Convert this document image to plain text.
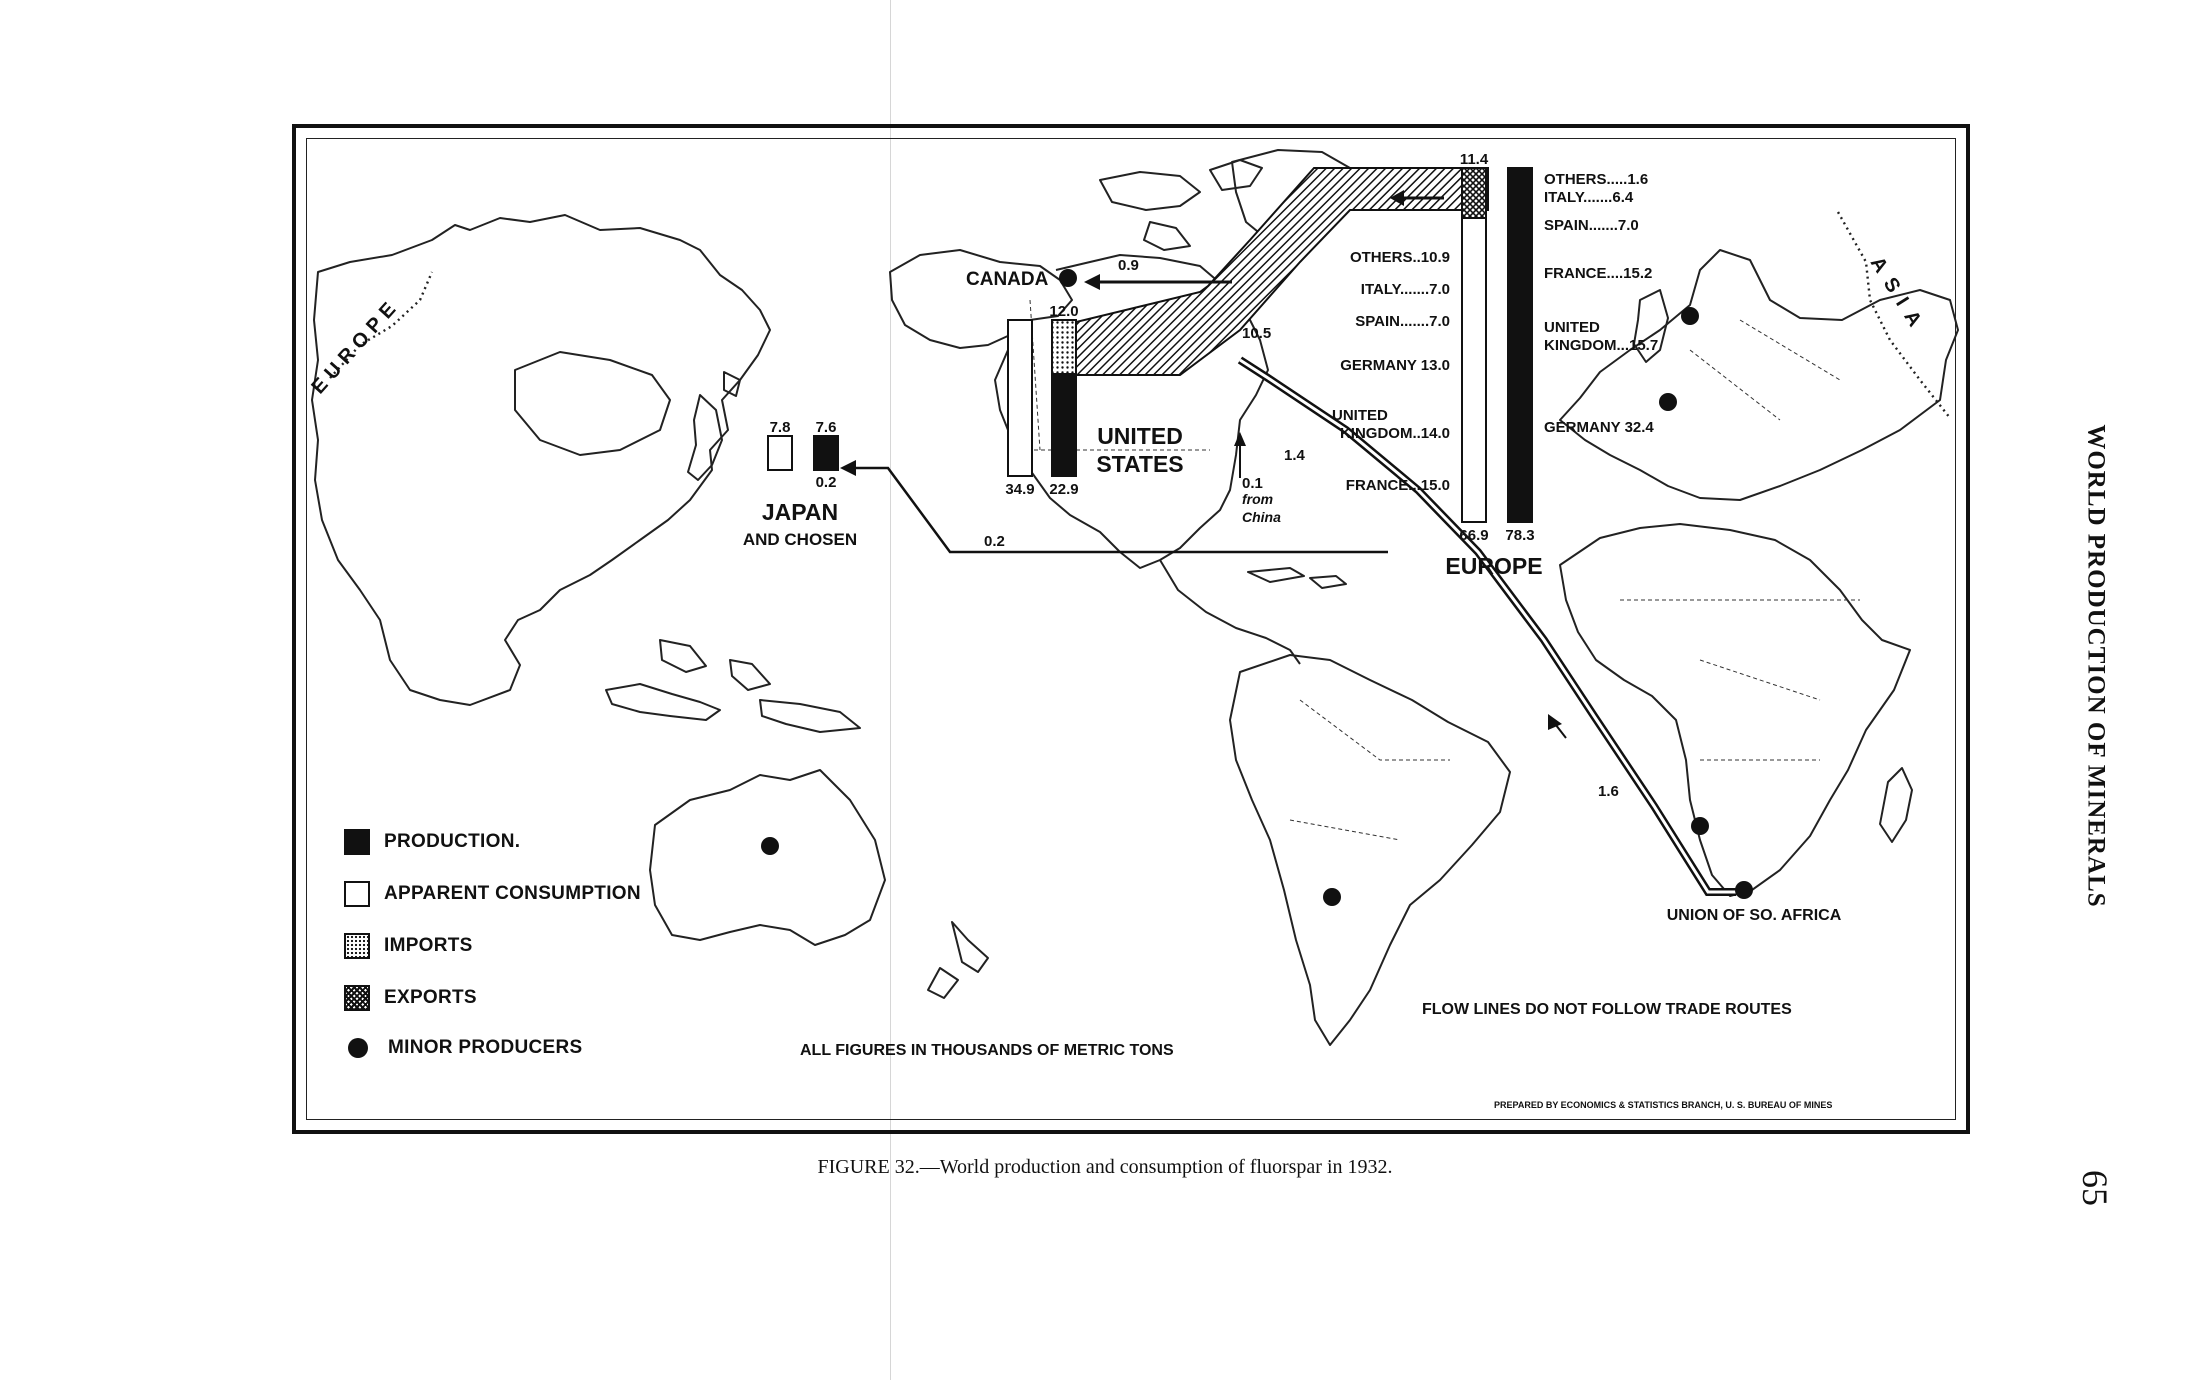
EUROPE	ASIA
CANADA
UNITED
STATES
JAPAN
AND CHOSEN
EUROPE
UNION OF SO. AFRICA
from
China
34.9 22.9
12.0
7.8 7.6
0.2
11.4
66.9 78.3
OTHERS..10.9
ITALY.......7.0
SPAIN.......7.0
GERMANY 13.0
UNITED
KINGDOM..14.0
FRANCE...15.0
OTHERS.....1.6
ITALY.......6.4
SPAIN.......7.0
FRANCE....15.2
UNITED
KINGDOM...15.7
GERMANY 32.4
10.5
0.9
0.2
1.4
1.6
0.1
PRODUCTION.
APPARENT CONSUMPTION
IMPORTS
EXPORTS
MINOR PRODUCERS	ALL FIGURES IN THOUSANDS OF METRIC TONS
FLOW LINES DO NOT FOLLOW TRADE ROUTES
PREPARED BY ECONOMICS & STATISTICS BRANCH, U. S. BUREAU OF MINES
FIGURE 32.—World production and consumption of fluorspar in 1932.
WORLD PRODUCTION OF MINERALS
65
